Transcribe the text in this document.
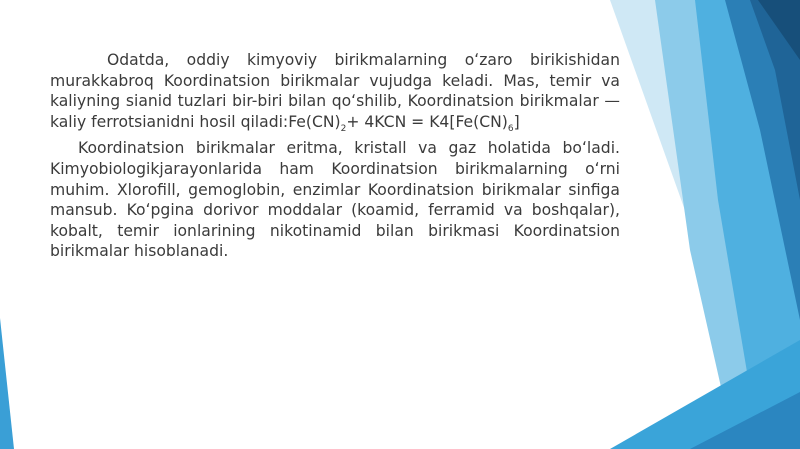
Odatda, oddiy kimyoviy birikmalarning oʻzaro birikishidan murakkabroq Koordinatsion birikmalar vujudga keladi. Mas, temir va kaliyning sianid tuzlari bir-biri bilan qoʻshilib, Koordinatsion birikmalar — kaliy ferrotsianidni hosil $qiladi:Fe(CN)_2+ 4KCN = K4[Fe(CN)_6]$

Koordinatsion birikmalar eritma, kristall va gaz holatida boʻladi. Kimyobiologikjarayonlarida ham Koordinatsion birikmalarning oʻrni muhim. Xlorofill, gemoglobin, enzimlar Koordinatsion birikmalar sinfiga mansub. Koʻpgina dorivor moddalar (koamid, ferramid va boshqalar), kobalt, temir ionlarining nikotinamid bilan birikmasi Koordinatsion birikmalar hisoblanadi.
